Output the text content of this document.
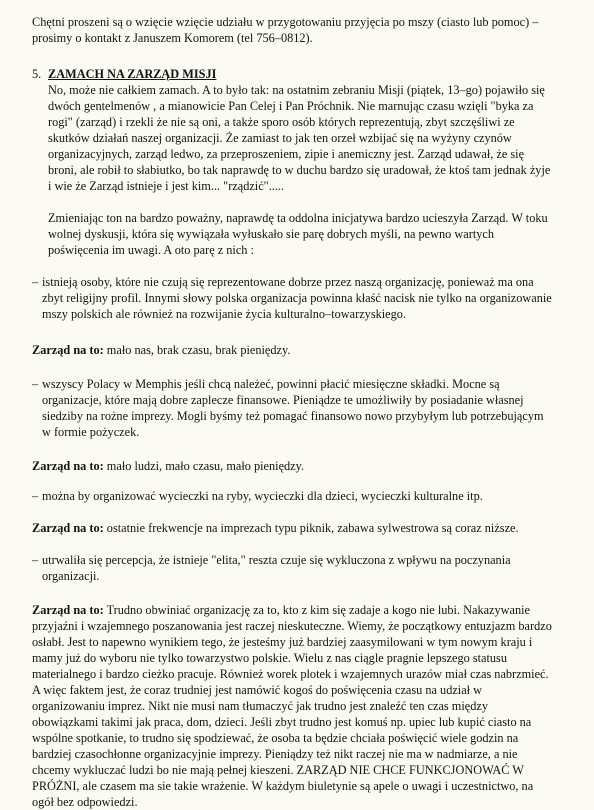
Chętni proszeni są o wzięcie wzięcie udziału w przygotowaniu przyjęcia po mszy (ciasto lub pomoc) – prosimy o kontakt z Januszem Komorem (tel 756–0812).

5. ZAMACH NA ZARZĄD MISJI

No, może nie całkiem zamach. A to było tak: na ostatnim zebraniu Misji (piątek, 13–go) pojawiło się dwóch gentelmenów , a mianowicie Pan Celej i Pan Próchnik. Nie marnując czasu wzięli "byka za rogi" (zarząd) i rzekli że nie są oni, a także sporo osób których reprezentują, zbyt szczęśliwi ze skutków działań naszej organizacji. Że zamiast to jak ten orzeł wzbijać się na wyżyny czynów organizacyjnych, zarząd ledwo, za przeproszeniem, zipie i anemiczny jest. Zarząd udawał, że się broni, ale robił to słabiutko, bo tak naprawdę to w duchu bardzo się uradował, że ktoś tam jednak żyje i wie że Zarząd istnieje i jest kim... "rządzić".....

Zmieniając ton na bardzo poważny, naprawdę ta oddolna inicjatywa bardzo ucieszyła Zarząd. W toku wolnej dyskusji, która się wywiązała wyłuskało sie parę dobrych myśli, na pewno wartych poświęcenia im uwagi. A oto parę z nich :

– istnieją osoby, które nie czują się reprezentowane dobrze przez naszą organizację, ponieważ ma ona zbyt religijny profil. Innymi słowy polska organizacja powinna kłaść nacisk nie tylko na organizowanie mszy polskich ale również na rozwijanie życia kulturalno–towarzyskiego.

Zarząd na to: mało nas, brak czasu, brak pieniędzy.

– wszyscy Polacy w Memphis jeśli chcą należeć, powinni płacić miesięczne składki. Mocne są organizacje, które mają dobre zaplecze finansowe. Pieniądze te umożliwiły by posiadanie własnej siedziby na rożne imprezy. Mogli byśmy też pomagać finansowo nowo przybyłym lub potrzebującym w formie pożyczek.

Zarząd na to: mało ludzi, mało czasu, mało pieniędzy.

– można by organizować wycieczki na ryby, wycieczki dla dzieci, wycieczki kulturalne itp.

Zarząd na to: ostatnie frekwencje na imprezach typu piknik, zabawa sylwestrowa są coraz niższe.

– utrwaliła się percepcja, że istnieje "elita," reszta czuje się wykluczona z wpływu na poczynania organizacji.

Zarząd na to: Trudno obwiniać organizację za to, kto z kim się zadaje a kogo nie lubi. Nakazywanie przyjaźni i wzajemnego poszanowania jest raczej nieskuteczne. Wiemy, że początkowy entuzjazm bardzo osłabł. Jest to napewno wynikiem tego, że jesteśmy już bardziej zaasymilowani w tym nowym kraju i mamy już do wyboru nie tylko towarzystwo polskie. Wielu z nas ciągle pragnie lepszego statusu materialnego i bardzo cieżko pracuje. Również worek plotek i wzajemnych urazów miał czas nabrzmieć.

A więc faktem jest, że coraz trudniej jest namówić kogoś do poświęcenia czasu na udział w organizowaniu imprez. Nikt nie musi nam tłumaczyć jak trudno jest znaleźć ten czas między obowiązkami takimi jak praca, dom, dzieci. Jeśli zbyt trudno jest komuś np. upiec lub kupić ciasto na wspólne spotkanie, to trudno się spodziewać, że osoba ta będzie chciała poświęcić wiele godzin na bardziej czasochłonne organizacyjnie imprezy. Pieniądzy też nikt raczej nie ma w nadmiarze, a nie chcemy wykluczać ludzi bo nie mają pełnej kieszeni. ZARZĄD NIE CHCE FUNKCJONOWAĆ W PRÓŻNI, ale czasem ma sie takie wrażenie. W każdym biuletynie są apele o uwagi i uczestnictwo, na ogół bez odpowiedzi.
